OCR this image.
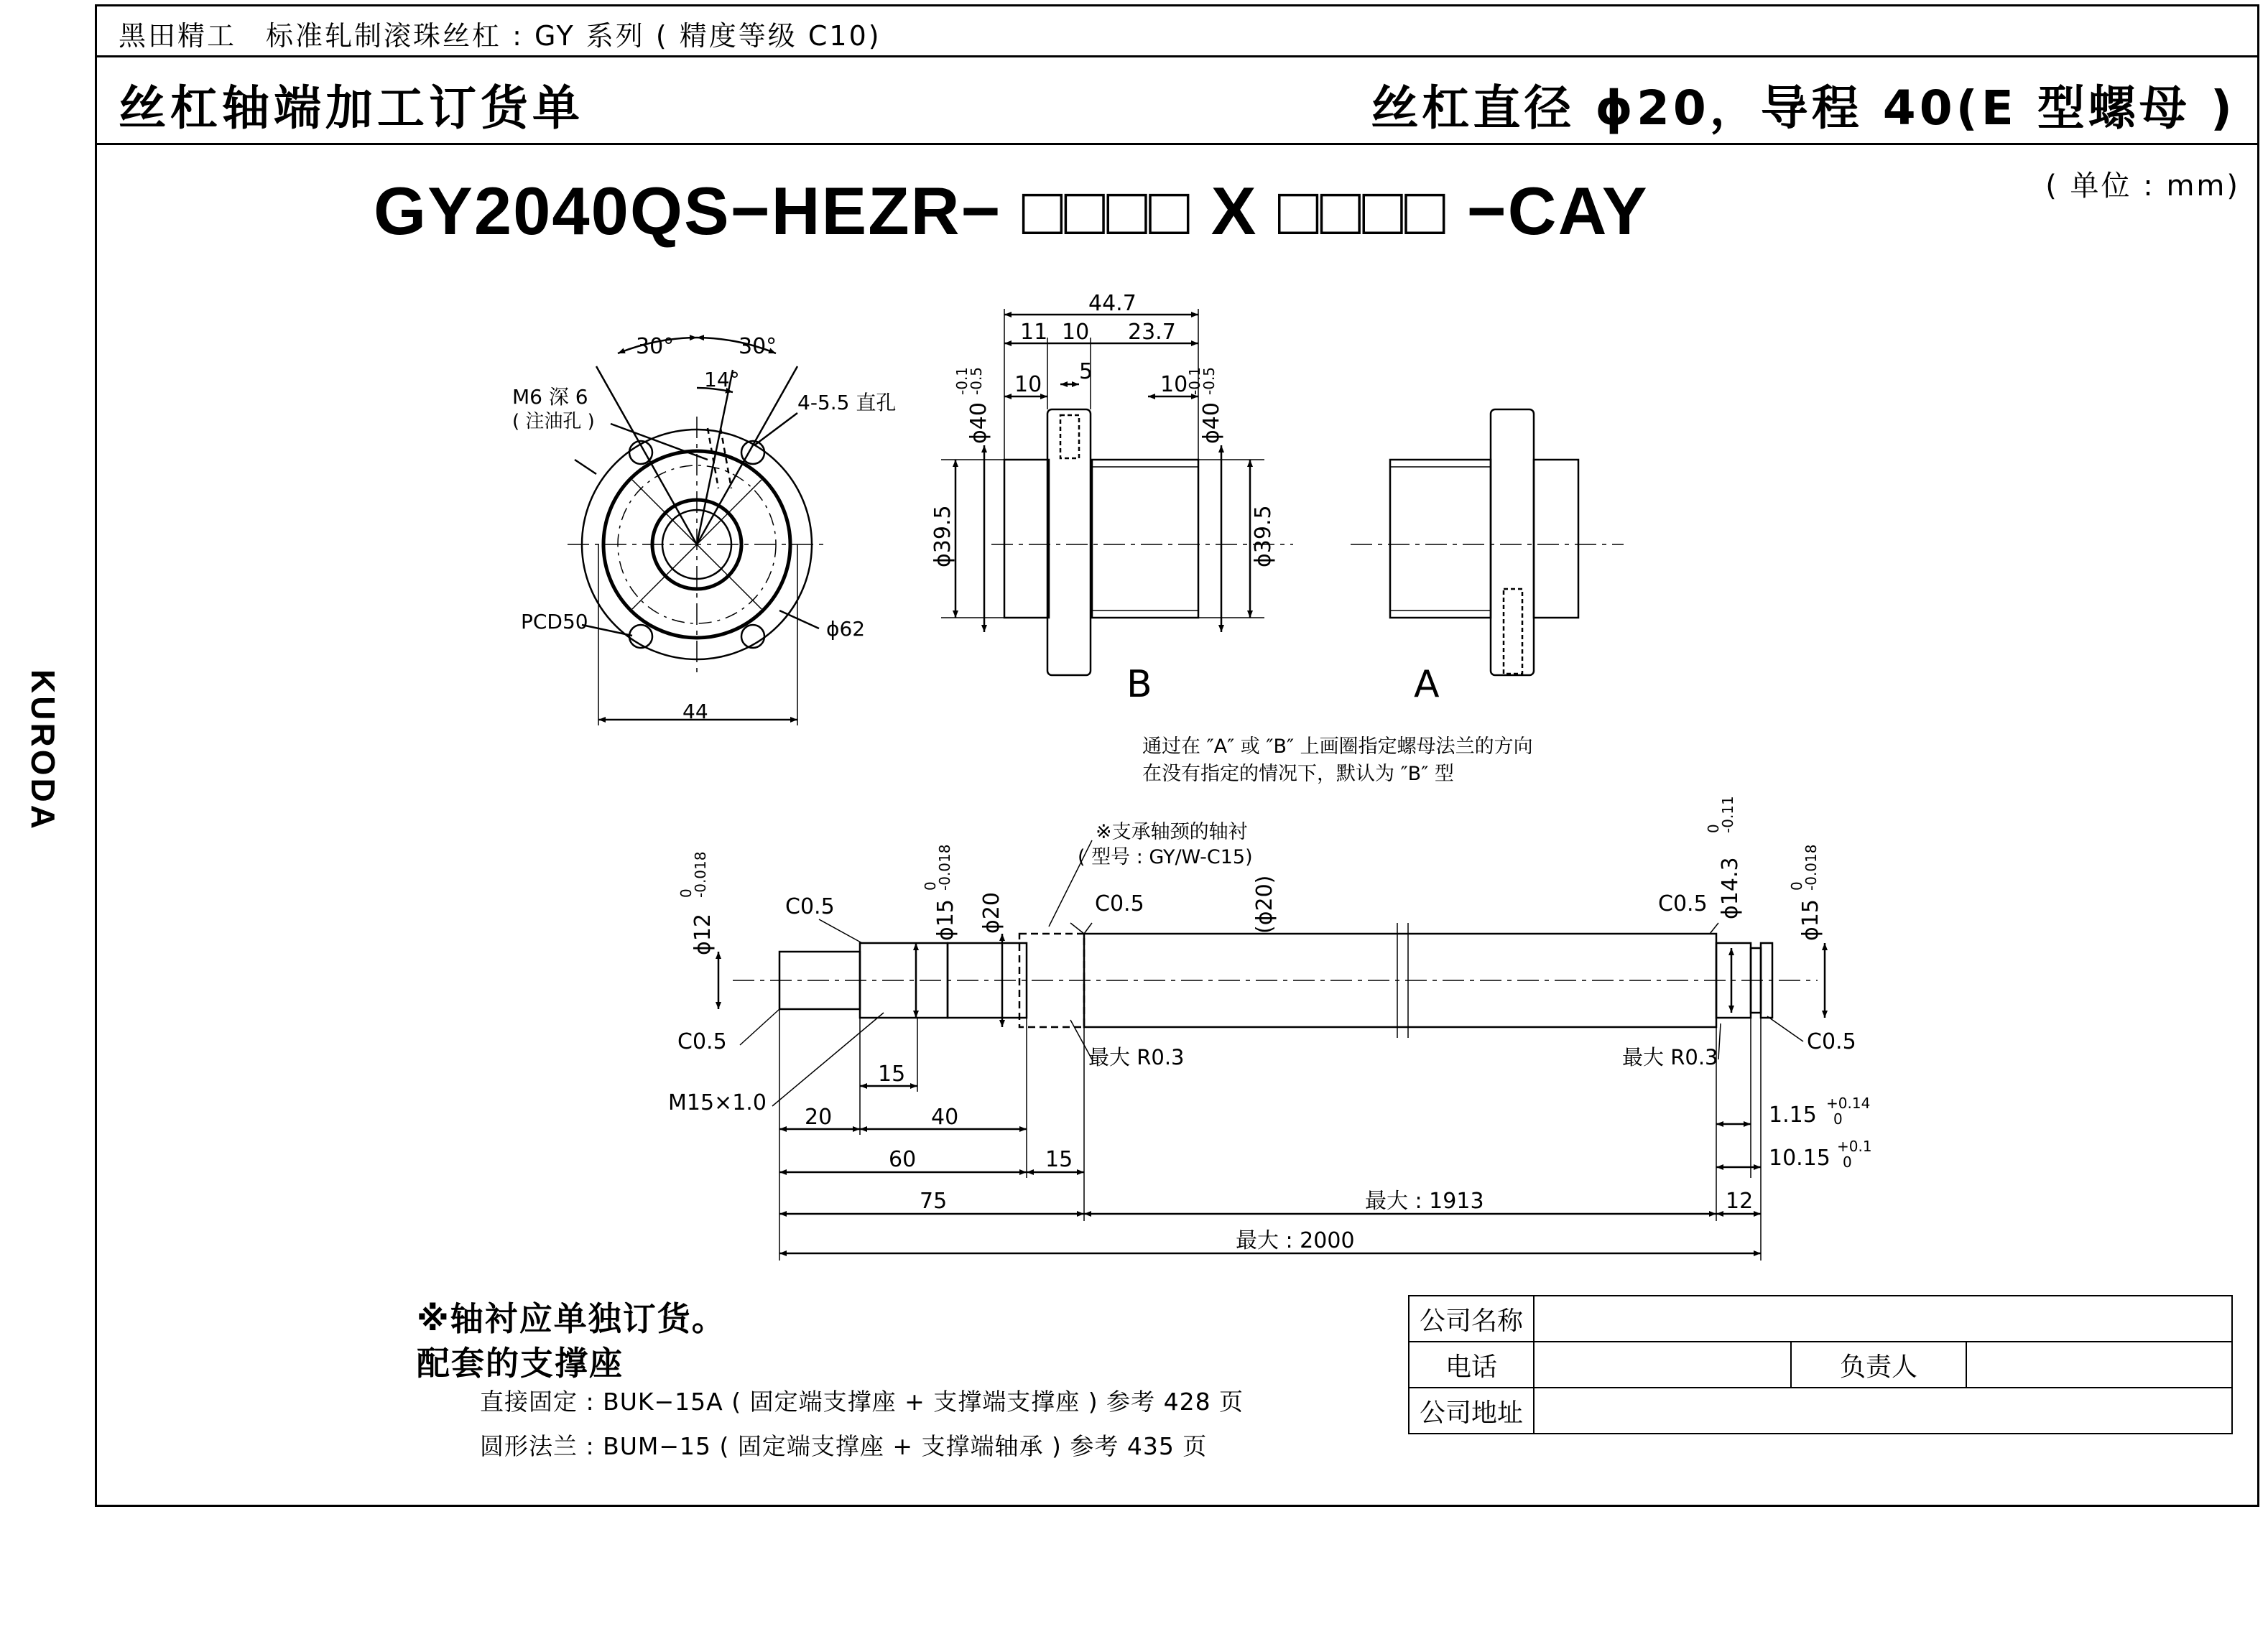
黑田精工　标准轧制滚珠丝杠 : GY 系列 ( 精度等级 C10)
丝杠轴端加工订货单	丝杠直径 ϕ20，导程 40(E 型螺母 )
( 单位 : mm)
GY2040QS−HEZR− □□□□ X □□□□ −CAY
KURODA
30°	30°
14°
M6 深 6
( 注油孔 )
4-5.5 直孔
PCD50	ϕ62
44
44.7
11 10 23.7
10
5
10
ϕ40
-0.1
-0.5
ϕ40
-0.1
-0.5
ϕ39.5	ϕ39.5
B	A
通过在 ″A″ 或 ″B″ 上画圈指定螺母法兰的方向
在没有指定的情况下，默认为 ″B″ 型
※支承轴颈的轴衬
( 型号 : GY/W-C15)
ϕ12
0
-0.018
ϕ15
0
-0.018
ϕ20	(ϕ20)	ϕ14.3
0
-0.11
ϕ15
0
-0.018
C0.5
C0.5
C0.5	C0.5
C0.5
最大 R0.3	最大 R0.3
M15×1.0
15
20	40
60	15
75	最大 : 1913	12
最大 : 2000
1.15 +0.14
0
10.15 +0.1
0
※轴衬应单独订货。
配套的支撑座
直接固定 : BUK−15A ( 固定端支撑座 + 支撑端支撑座 ) 参考 428 页
圆形法兰 : BUM−15 ( 固定端支撑座 + 支撑端轴承 ) 参考 435 页
公司名称			
电话		负责人	
公司地址			
